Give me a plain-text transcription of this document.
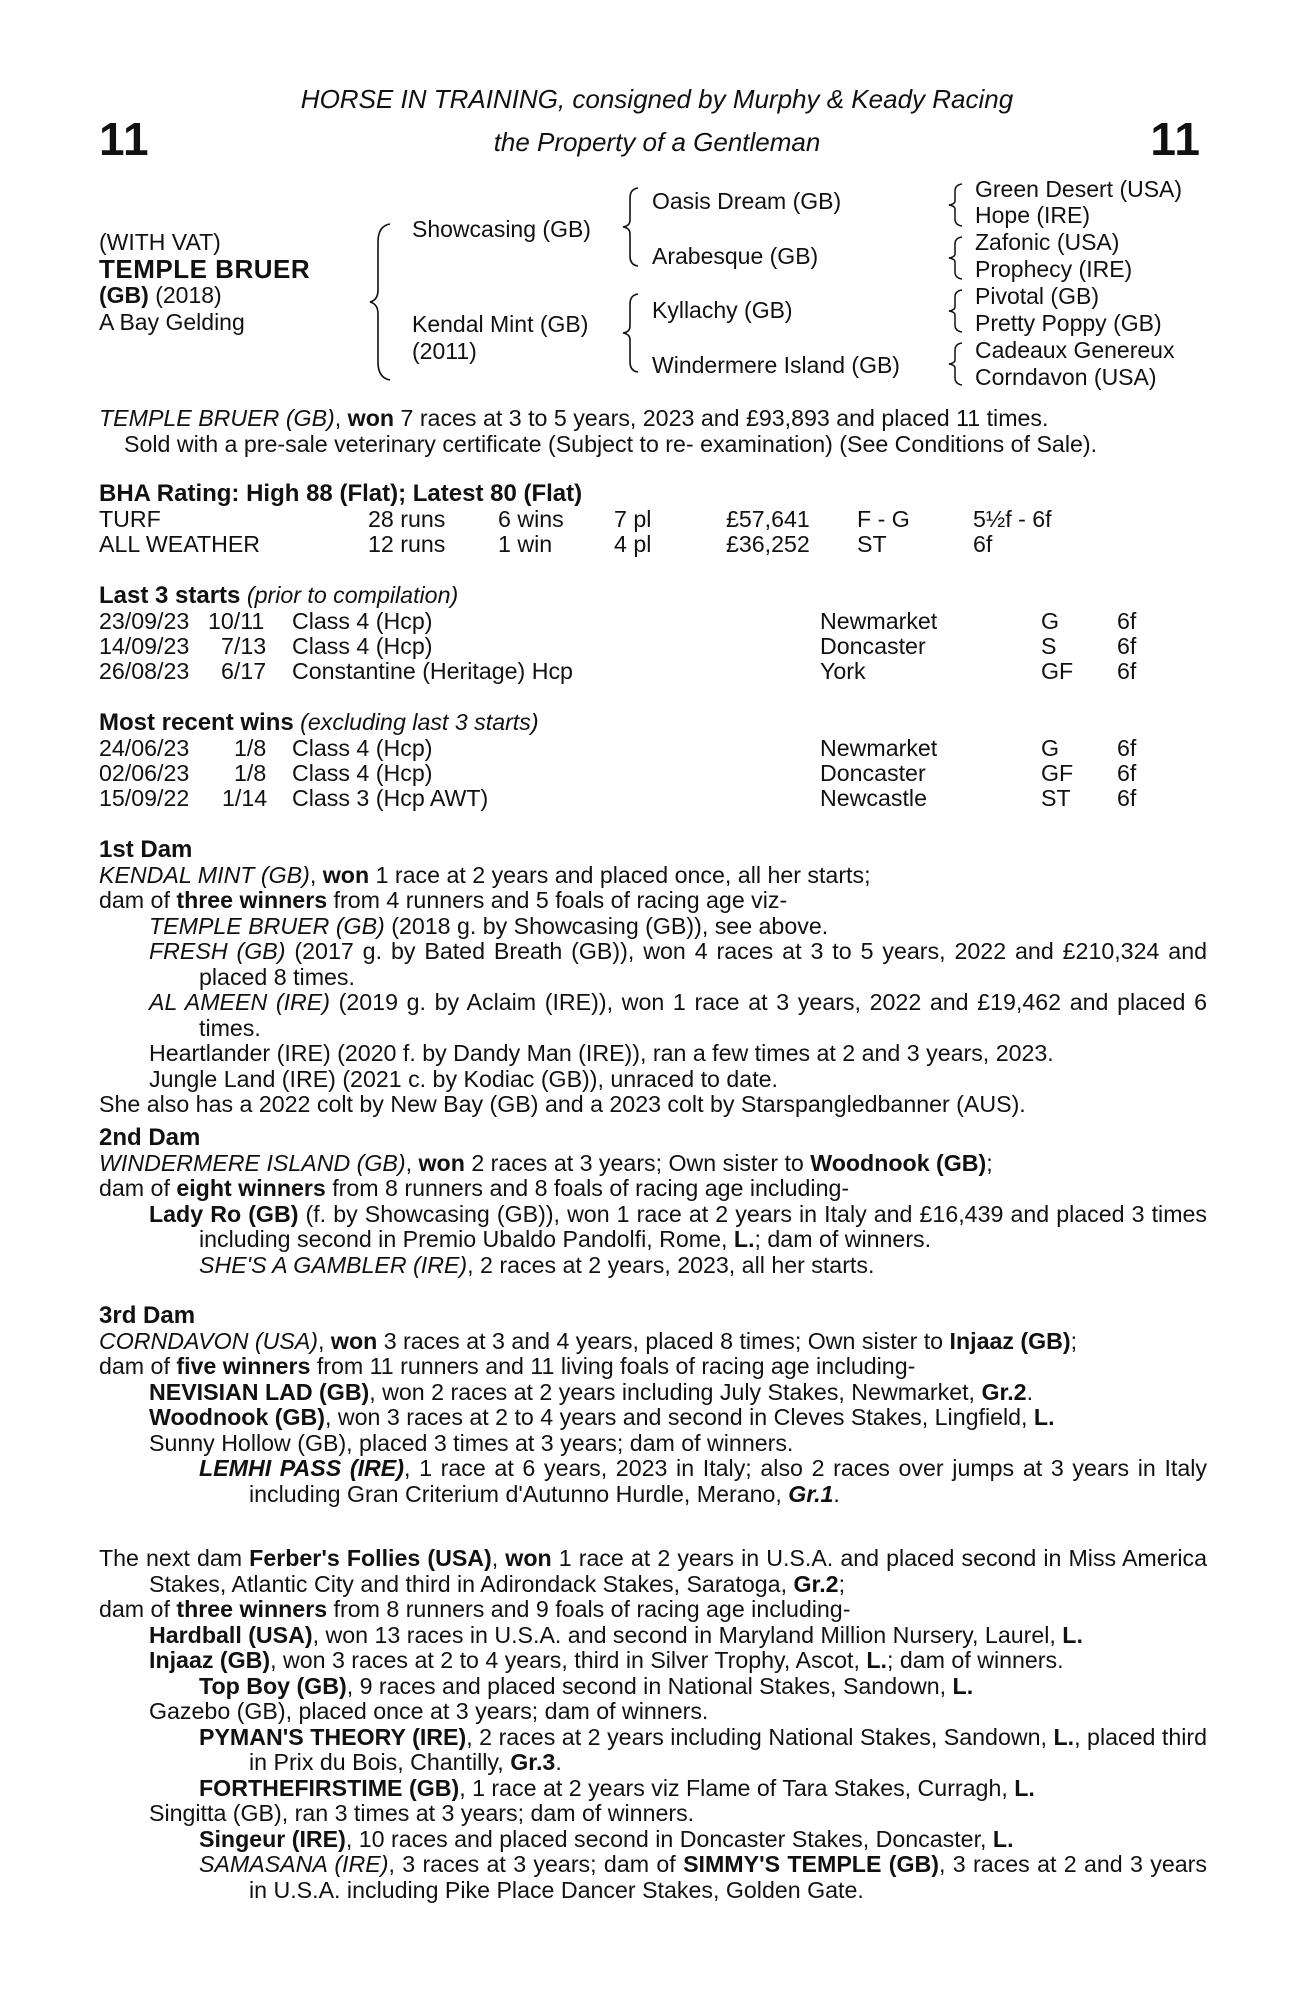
11	11
HORSE IN TRAINING, consigned by Murphy & Keady Racing
the Property of a Gentleman
(WITH VAT)
TEMPLE BRUER
(GB) (2018)
A Bay Gelding
Showcasing (GB)
Kendal Mint (GB)
(2011)
Oasis Dream (GB)
Arabesque (GB)
Kyllachy (GB)
Windermere Island (GB)
Green Desert (USA)
Hope (IRE)
Zafonic (USA)
Prophecy (IRE)
Pivotal (GB)
Pretty Poppy (GB)
Cadeaux Genereux
Corndavon (USA)
TEMPLE BRUER (GB), won 7 races at 3 to 5 years, 2023 and £93,893 and placed 11 times.
Sold with a pre-sale veterinary certificate (Subject to re- examination) (See Conditions of Sale).
BHA Rating: High 88 (Flat); Latest 80 (Flat)
TURF	28 runs 6 wins 7 pl	£57,641 F - G	5½f - 6f
ALL WEATHER	12 runs 1 win	4 pl	£36,252 ST	6f
Last 3 starts (prior to compilation)
23/09/23 10/11 Class 4 (Hcp)	Newmarket	G 6f
14/09/23 7/13 Class 4 (Hcp)	Doncaster	S	6f
26/08/23 6/17 Constantine (Heritage) Hcp	York	GF 6f
Most recent wins (excluding last 3 starts)
24/06/23 1/8 Class 4 (Hcp)	Newmarket	G 6f
02/06/23 1/8 Class 4 (Hcp)	Doncaster	GF 6f
15/09/22 1/14 Class 3 (Hcp AWT)	Newcastle	ST 6f

1st Dam

KENDAL MINT (GB), won 1 race at 2 years and placed once, all her starts;

dam of three winners from 4 runners and 5 foals of racing age viz-

TEMPLE BRUER (GB) (2018 g. by Showcasing (GB)), see above.

FRESH (GB) (2017 g. by Bated Breath (GB)), won 4 races at 3 to 5 years, 2022 and £210,324 and placed 8 times.

AL AMEEN (IRE) (2019 g. by Aclaim (IRE)), won 1 race at 3 years, 2022 and £19,462 and placed 6 times.

Heartlander (IRE) (2020 f. by Dandy Man (IRE)), ran a few times at 2 and 3 years, 2023.

Jungle Land (IRE) (2021 c. by Kodiac (GB)), unraced to date.

She also has a 2022 colt by New Bay (GB) and a 2023 colt by Starspangledbanner (AUS).

2nd Dam

WINDERMERE ISLAND (GB), won 2 races at 3 years; Own sister to Woodnook (GB);

dam of eight winners from 8 runners and 8 foals of racing age including-

Lady Ro (GB) (f. by Showcasing (GB)), won 1 race at 2 years in Italy and £16,439 and placed 3 times including second in Premio Ubaldo Pandolfi, Rome, L.; dam of winners.

SHE'S A GAMBLER (IRE), 2 races at 2 years, 2023, all her starts.

3rd Dam

CORNDAVON (USA), won 3 races at 3 and 4 years, placed 8 times; Own sister to Injaaz (GB);

dam of five winners from 11 runners and 11 living foals of racing age including-

NEVISIAN LAD (GB), won 2 races at 2 years including July Stakes, Newmarket, Gr.2.

Woodnook (GB), won 3 races at 2 to 4 years and second in Cleves Stakes, Lingfield, L.

Sunny Hollow (GB), placed 3 times at 3 years; dam of winners.

LEMHI PASS (IRE), 1 race at 6 years, 2023 in Italy; also 2 races over jumps at 3 years in Italy including Gran Criterium d'Autunno Hurdle, Merano, Gr.1.

The next dam Ferber's Follies (USA), won 1 race at 2 years in U.S.A. and placed second in Miss America Stakes, Atlantic City and third in Adirondack Stakes, Saratoga, Gr.2;

dam of three winners from 8 runners and 9 foals of racing age including-

Hardball (USA), won 13 races in U.S.A. and second in Maryland Million Nursery, Laurel, L.

Injaaz (GB), won 3 races at 2 to 4 years, third in Silver Trophy, Ascot, L.; dam of winners.

Top Boy (GB), 9 races and placed second in National Stakes, Sandown, L.

Gazebo (GB), placed once at 3 years; dam of winners.

PYMAN'S THEORY (IRE), 2 races at 2 years including National Stakes, Sandown, L., placed third in Prix du Bois, Chantilly, Gr.3.

FORTHEFIRSTIME (GB), 1 race at 2 years viz Flame of Tara Stakes, Curragh, L.

Singitta (GB), ran 3 times at 3 years; dam of winners.

Singeur (IRE), 10 races and placed second in Doncaster Stakes, Doncaster, L.

SAMASANA (IRE), 3 races at 3 years; dam of SIMMY'S TEMPLE (GB), 3 races at 2 and 3 years in U.S.A. including Pike Place Dancer Stakes, Golden Gate.
